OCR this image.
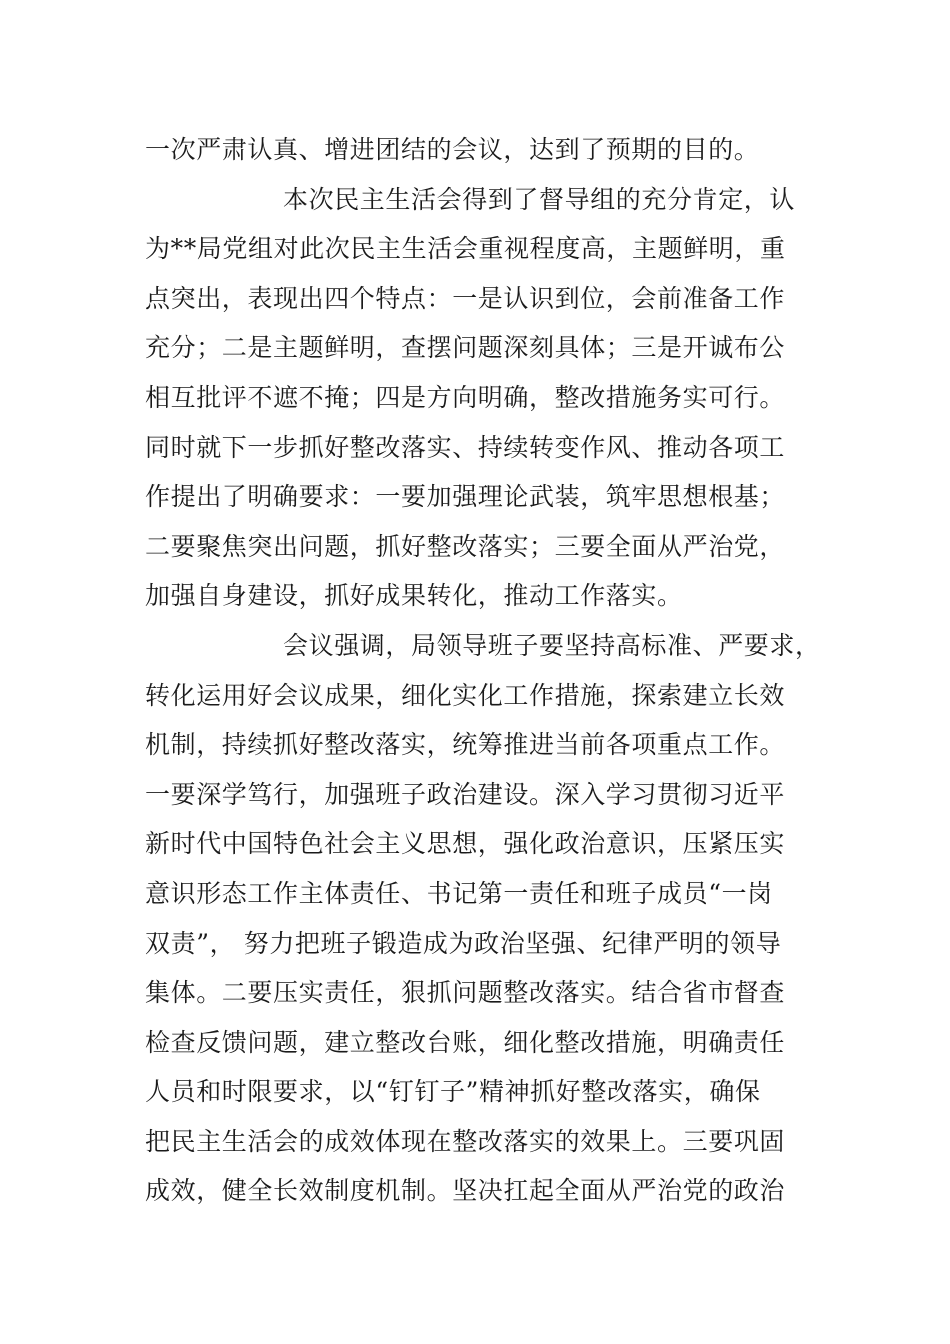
一次严肃认真、增进团结的会议，达到了预期的目的。
本次民主生活会得到了督导组的充分肯定，认
为**局党组对此次民主生活会重视程度高，主题鲜明，重
点突出，表现出四个特点：一是认识到位，会前准备工作
充分；二是主题鲜明，查摆问题深刻具体；三是开诚布公
相互批评不遮不掩；四是方向明确，整改措施务实可行。
同时就下一步抓好整改落实、持续转变作风、推动各项工
作提出了明确要求：一要加强理论武装，筑牢思想根基；
二要聚焦突出问题，抓好整改落实；三要全面从严治党，
加强自身建设，抓好成果转化，推动工作落实。
会议强调，局领导班子要坚持高标准、严要求，
转化运用好会议成果，细化实化工作措施，探索建立长效
机制，持续抓好整改落实，统筹推进当前各项重点工作。
一要深学笃行，加强班子政治建设。深入学习贯彻习近平
新时代中国特色社会主义思想，强化政治意识，压紧压实
意识形态工作主体责任、书记第一责任和班子成员“一岗
双责”， 努力把班子锻造成为政治坚强、纪律严明的领导
集体。二要压实责任，狠抓问题整改落实。结合省市督查
检查反馈问题，建立整改台账，细化整改措施，明确责任
人员和时限要求，以“钉钉子”精神抓好整改落实，确保
把民主生活会的成效体现在整改落实的效果上。三要巩固
成效，健全长效制度机制。坚决扛起全面从严治党的政治
